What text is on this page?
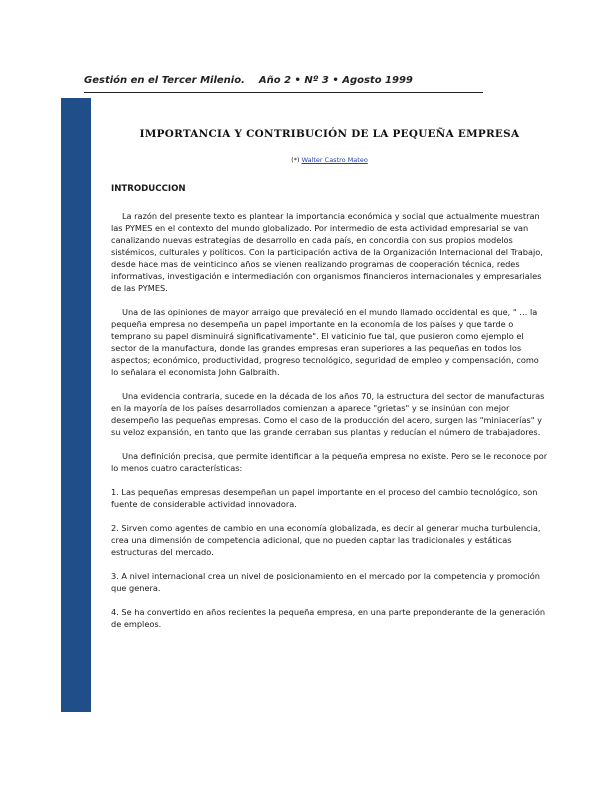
Gestión en el Tercer Milenio. Año 2 • Nº 3 • Agosto 1999
IMPORTANCIA Y CONTRIBUCIÓN DE LA PEQUEÑA EMPRESA
(*) Walter Castro Mateo
INTRODUCCION

La razón del presente texto es plantear la importancia económica y social que actualmente muestran las PYMES en el contexto del mundo globalizado. Por intermedio de esta actividad empresarial se van canalizando nuevas estrategias de desarrollo en cada país, en concordia con sus propios modelos sistémicos, culturales y políticos. Con la participación activa de la Organización Internacional del Trabajo, desde hace mas de veinticinco años se vienen realizando programas de cooperación técnica, redes informativas, investigación e intermediación con organismos financieros internacionales y empresariales de las PYMES.

Una de las opiniones de mayor arraigo que prevaleció en el mundo llamado occidental es que, " … la pequeña empresa no desempeña un papel importante en la economía de los países y que tarde o temprano su papel disminuirá significativamente". El vaticinio fue tal, que pusieron como ejemplo el sector de la manufactura, donde las grandes empresas eran superiores a las pequeñas en todos los aspectos; económico, productividad, progreso tecnológico, seguridad de empleo y compensación, como lo señalara el economista John Galbraith.

Una evidencia contraria, sucede en la década de los años 70, la estructura del sector de manufacturas en la mayoría de los países desarrollados comienzan a aparece "grietas" y se insinúan con mejor desempeño las pequeñas empresas. Como el caso de la producción del acero, surgen las "miniacerías" y su veloz expansión, en tanto que las grande cerraban sus plantas y reducían el número de trabajadores.

Una definición precisa, que permite identificar a la pequeña empresa no existe. Pero se le reconoce por lo menos cuatro características:

1. Las pequeñas empresas desempeñan un papel importante en el proceso del cambio tecnológico, son fuente de considerable actividad innovadora.

2. Sirven como agentes de cambio en una economía globalizada, es decir al generar mucha turbulencia, crea una dimensión de competencia adicional, que no pueden captar las tradicionales y estáticas estructuras del mercado.

3. A nivel internacional crea un nivel de posicionamiento en el mercado por la competencia y promoción que genera.

4. Se ha convertido en años recientes la pequeña empresa, en una parte preponderante de la generación de empleos.
